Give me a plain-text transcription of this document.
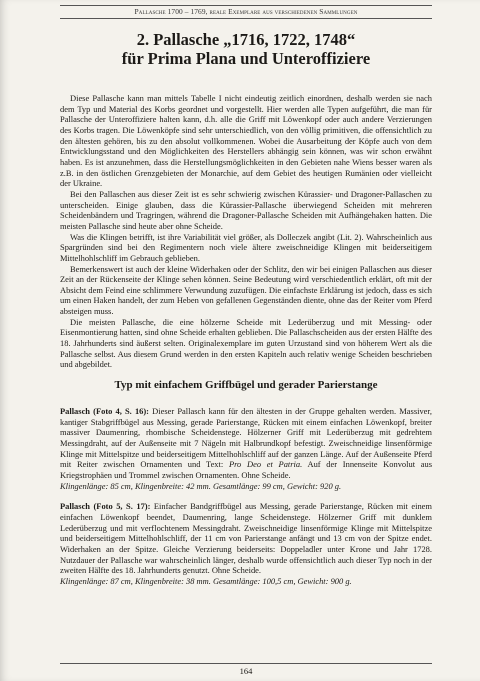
Pallasche 1700 – 1769, reale Exemplare aus verschiedenen Sammlungen
2. Pallasche „1716, 1722, 1748“
für Prima Plana und Unteroffiziere

Diese Pallasche kann man mittels Tabelle I nicht eindeutig zeitlich einordnen, deshalb werden sie nach dem Typ und Material des Korbs geordnet und vorgestellt. Hier werden alle Typen aufgeführt, die man für Pallasche der Unteroffiziere halten kann, d.h. alle die Griff mit Löwenkopf oder auch andere Verzierungen des Korbs tragen. Die Löwenköpfe sind sehr unterschiedlich, von den völlig primitiven, die offensichtlich zu den ältesten gehören, bis zu den absolut vollkommenen. Wobei die Ausarbeitung der Köpfe auch von dem Entwicklungsstand und den Möglichkeiten des Herstellers abhängig sein können, was wir schon erwähnt haben. Es ist anzunehmen, dass die Herstellungsmöglichkeiten in den Gebieten nahe Wiens besser waren als z.B. in den östlichen Grenzgebieten der Monarchie, auf dem Gebiet des heutigen Rumänien oder vielleicht der Ukraine.

Bei den Pallaschen aus dieser Zeit ist es sehr schwierig zwischen Kürassier- und Dragoner-Pallaschen zu unterscheiden. Einige glauben, dass die Kürassier-Pallasche überwiegend Scheiden mit mehreren Scheidenbändern und Tragringen, während die Dragoner-Pallasche Scheiden mit Aufhängehaken hatten. Die meisten Pallasche sind heute aber ohne Scheide.

Was die Klingen betrifft, ist ihre Variabilität viel größer, als Dolleczek angibt (Lit. 2). Wahrscheinlich aus Spargründen sind bei den Regimentern noch viele ältere zweischneidige Klingen mit beiderseitigem Mittelhohlschliff im Gebrauch geblieben.

Bemerkenswert ist auch der kleine Widerhaken oder der Schlitz, den wir bei einigen Pallaschen aus dieser Zeit an der Rückenseite der Klinge sehen können. Seine Bedeutung wird verschiedentlich erklärt, oft mit der Absicht dem Feind eine schlimmere Verwundung zuzufügen. Die einfachste Erklärung ist jedoch, dass es sich um einen Haken handelt, der zum Heben von gefallenen Gegenständen diente, ohne das der Reiter vom Pferd absteigen muss.

Die meisten Pallasche, die eine hölzerne Scheide mit Lederüberzug und mit Messing- oder Eisenmontierung hatten, sind ohne Scheide erhalten geblieben. Die Pallaschscheiden aus der ersten Hälfte des 18. Jahrhunderts sind äußerst selten. Originalexemplare im guten Urzustand sind von höherem Wert als die Pallasche selbst. Aus diesem Grund werden in den ersten Kapiteln auch relativ wenige Scheiden beschrieben und abgebildet.

Typ mit einfachem Griffbügel und gerader Parierstange

Pallasch (Foto 4, S. 16): Dieser Pallasch kann für den ältesten in der Gruppe gehalten werden. Massiver, kantiger Stabgriffbügel aus Messing, gerade Parierstange, Rücken mit einem einfachen Löwenkopf, breiter massiver Daumenring, rhombische Scheidenstege. Hölzerner Griff mit Lederüberzug mit gedrehtem Messingdraht, auf der Außenseite mit 7 Nägeln mit Halbrundkopf befestigt. Zweischneidige linsenförmige Klinge mit Mittelspitze und beiderseitigem Mittelhohlschliff auf der ganzen Länge. Auf der Außenseite Pferd mit Reiter zwischen Ornamenten und Text: Pro Deo et Patria. Auf der Innenseite Konvolut aus Kriegstrophäen und Trommel zwischen Ornamenten. Ohne Scheide.

Klingenlänge: 85 cm, Klingenbreite: 42 mm. Gesamtlänge: 99 cm, Gewicht: 920 g.

Pallasch (Foto 5, S. 17): Einfacher Bandgriffbügel aus Messing, gerade Parierstange, Rücken mit einem einfachen Löwenkopf beendet, Daumenring, lange Scheidenstege. Hölzerner Griff mit dunklem Lederüberzug und mit verflochtenem Messingdraht. Zweischneidige linsenförmige Klinge mit Mittelspitze und beiderseitigem Mittelhohlschliff, der 11 cm von Parierstange anfängt und 13 cm von der Spitze endet. Widerhaken an der Spitze. Gleiche Verzierung beiderseits: Doppeladler unter Krone und Jahr 1728. Nutzdauer der Pallasche war wahrscheinlich länger, deshalb wurde offensichtlich auch dieser Typ noch in der zweiten Hälfte des 18. Jahrhunderts genutzt. Ohne Scheide.

Klingenlänge: 87 cm, Klingenbreite: 38 mm. Gesamtlänge: 100,5 cm, Gewicht: 900 g.

164
